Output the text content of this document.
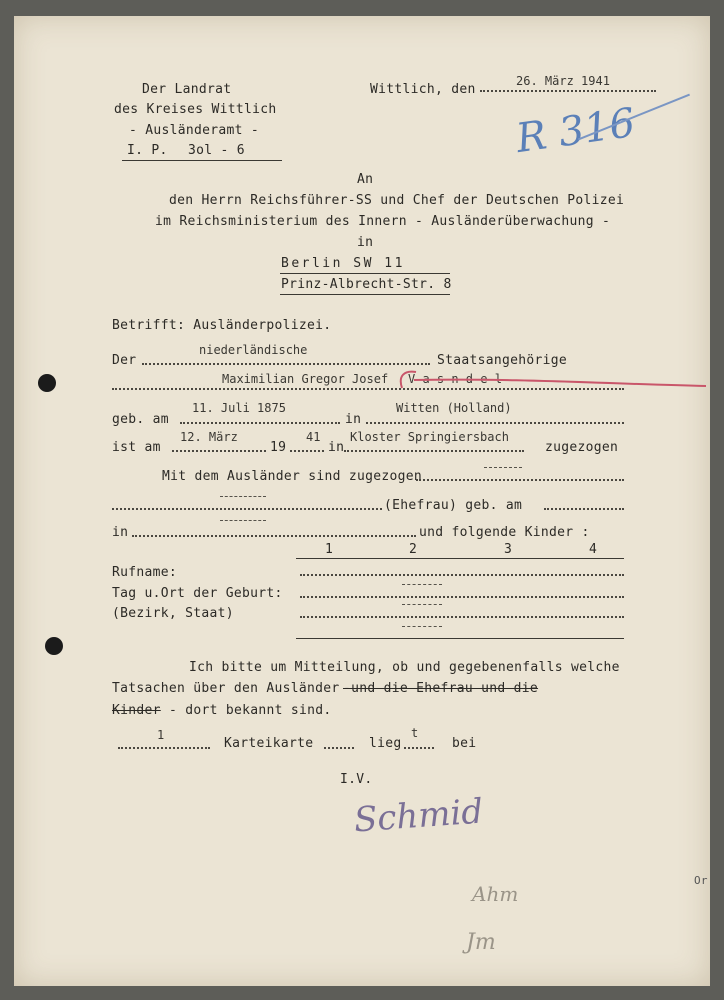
Der Landrat
des Kreises Wittlich
- Ausländeramt -
I. P. 3ol - 6
Wittlich, den
26. März 1941
R 316
An
den Herrn Reichsführer-SS und Chef der Deutschen Polizei
im Reichsministerium des Innern - Ausländerüberwachung -
in
Berlin SW 11
Prinz-Albrecht-Str. 8
Betrifft: Ausländerpolizei.
Der
niederländische
Staatsangehörige
Maximilian Gregor Josef V a s n d e l
geb. am
11. Juli 1875
in
Witten (Holland)
ist am
12. März
19
41
in
Kloster Springiersbach
zugezogen
Mit dem Ausländer sind zugezogen
(Ehefrau) geb. am
in	und folgende Kinder :
1	2	3	4
Rufname:
Tag u.Ort der Geburt:
(Bezirk, Staat)
Ich bitte um Mitteilung, ob und gegebenenfalls welche
Tatsachen über den Ausländer -und die Ehefrau und die
Kinder - dort bekannt sind.
1
Karteikarte	lieg
t
bei
I.V.
Schmid
Ahm
Jm
Or
